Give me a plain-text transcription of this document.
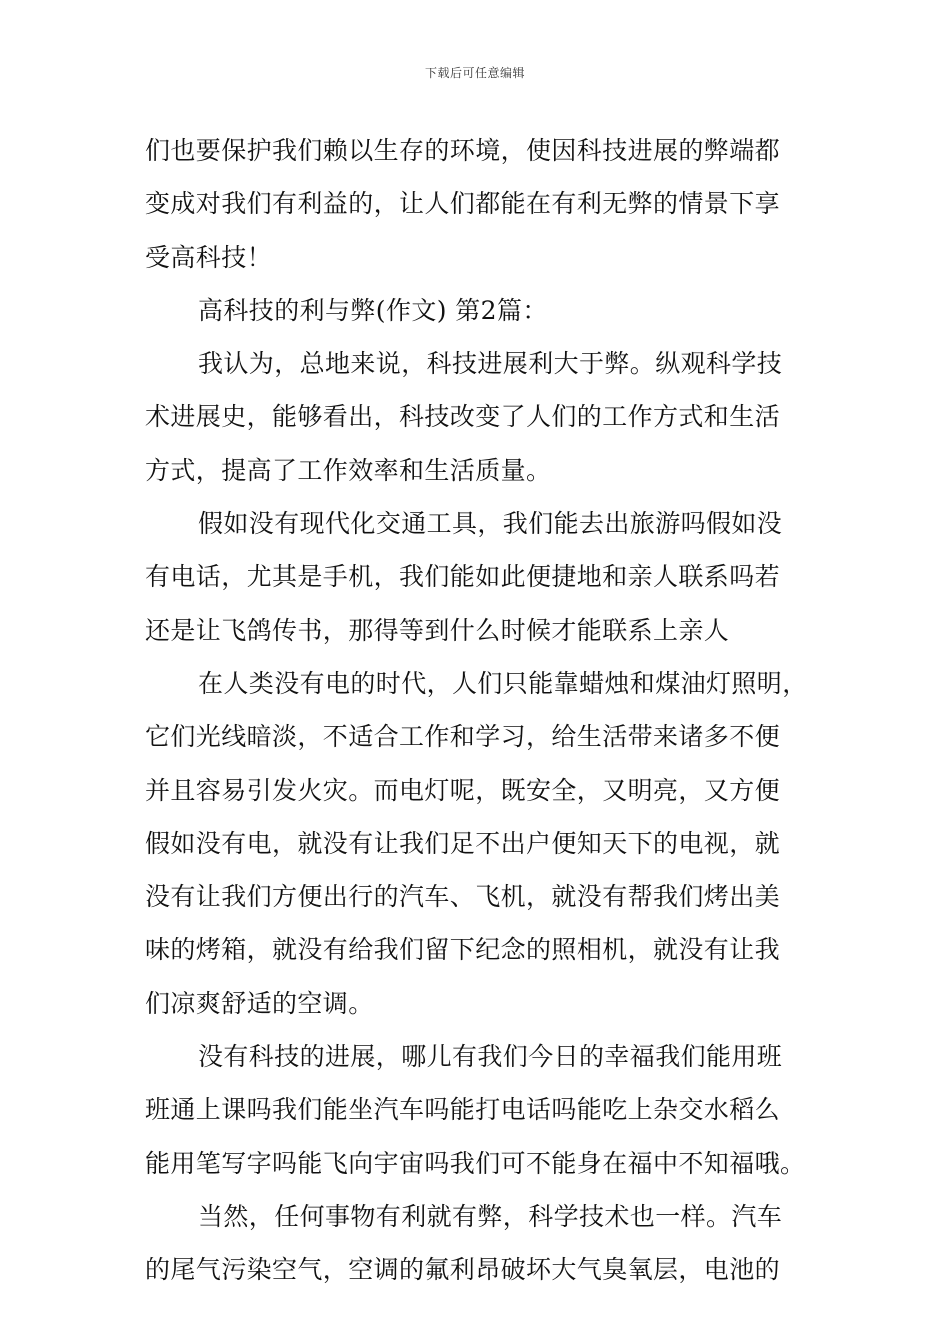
下载后可任意编辑
们也要保护我们赖以生存的环境，使因科技进展的弊端都
变成对我们有利益的，让人们都能在有利无弊的情景下享
受高科技！
高科技的利与弊(作文) 第2篇：
我认为，总地来说，科技进展利大于弊。纵观科学技
术进展史，能够看出，科技改变了人们的工作方式和生活
方式，提高了工作效率和生活质量。
假如没有现代化交通工具，我们能去出旅游吗假如没
有电话，尤其是手机，我们能如此便捷地和亲人联系吗若
还是让飞鸽传书，那得等到什么时候才能联系上亲人
在人类没有电的时代，人们只能靠蜡烛和煤油灯照明，
它们光线暗淡，不适合工作和学习，给生活带来诸多不便
并且容易引发火灾。而电灯呢，既安全，又明亮，又方便
假如没有电，就没有让我们足不出户便知天下的电视，就
没有让我们方便出行的汽车、飞机，就没有帮我们烤出美
味的烤箱，就没有给我们留下纪念的照相机，就没有让我
们凉爽舒适的空调。
没有科技的进展，哪儿有我们今日的幸福我们能用班
班通上课吗我们能坐汽车吗能打电话吗能吃上杂交水稻么
能用笔写字吗能飞向宇宙吗我们可不能身在福中不知福哦。
当然，任何事物有利就有弊，科学技术也一样。汽车
的尾气污染空气，空调的氟利昂破坏大气臭氧层，电池的
